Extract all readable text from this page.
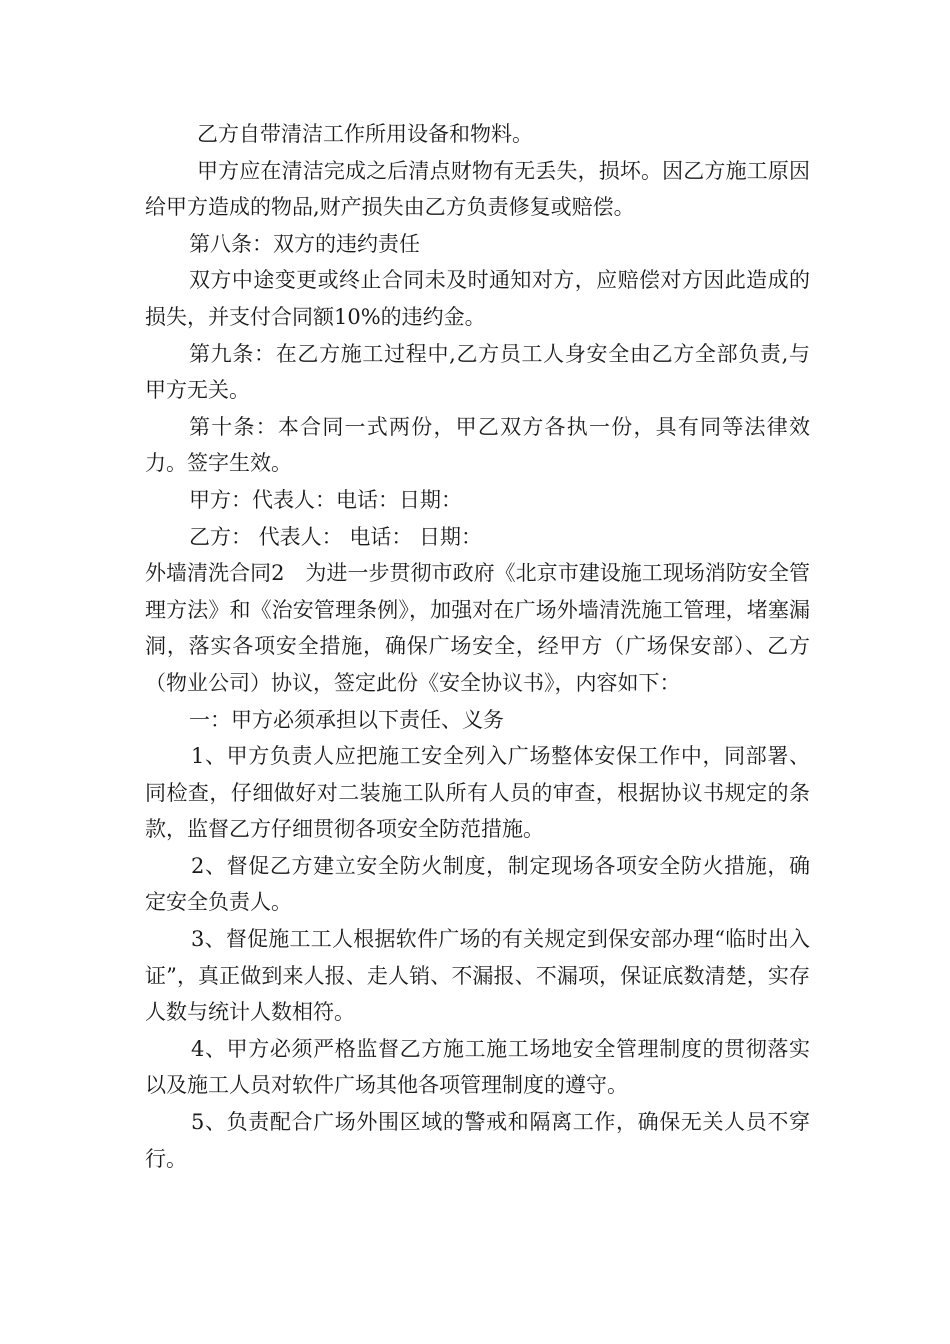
乙方自带清洁工作所用设备和物料。

甲方应在清洁完成之后清点财物有无丢失，损坏。因乙方施工原因给甲方造成的物品,财产损失由乙方负责修复或赔偿。

第八条：双方的违约责任

双方中途变更或终止合同未及时通知对方，应赔偿对方因此造成的损失，并支付合同额10%的违约金。

第九条：在乙方施工过程中,乙方员工人身安全由乙方全部负责,与甲方无关。

第十条：本合同一式两份，甲乙双方各执一份，具有同等法律效力。签字生效。

甲方：代表人：电话：日期：

乙方： 代表人： 电话： 日期：

外墙清洗合同2	为进一步贯彻市政府《北京市建设施工现场消防安全管理方法》和《治安管理条例》，加强对在广场外墙清洗施工管理，堵塞漏洞，落实各项安全措施，确保广场安全，经甲方（广场保安部）、乙方（物业公司）协议，签定此份《安全协议书》，内容如下：

一：甲方必须承担以下责任、义务

1、甲方负责人应把施工安全列入广场整体安保工作中，同部署、同检查，仔细做好对二装施工队所有人员的审查，根据协议书规定的条款，监督乙方仔细贯彻各项安全防范措施。

2、督促乙方建立安全防火制度，制定现场各项安全防火措施，确定安全负责人。

3、督促施工工人根据软件广场的有关规定到保安部办理“临时出入证”，真正做到来人报、走人销、不漏报、不漏项，保证底数清楚，实存人数与统计人数相符。

4、甲方必须严格监督乙方施工施工场地安全管理制度的贯彻落实以及施工人员对软件广场其他各项管理制度的遵守。

5、负责配合广场外围区域的警戒和隔离工作，确保无关人员不穿行。
